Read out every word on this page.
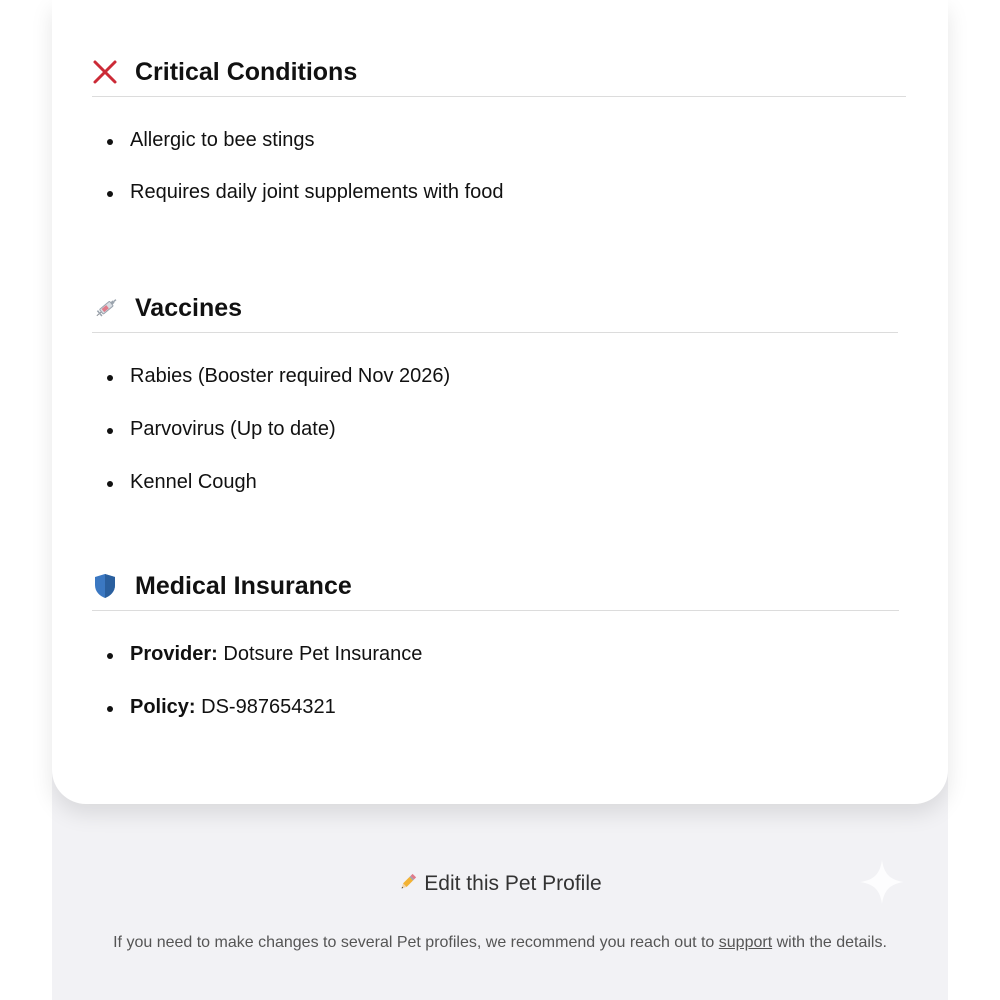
Critical Conditions
Allergic to bee stings
Requires daily joint supplements with food
Vaccines
Rabies (Booster required Nov 2026)
Parvovirus (Up to date)
Kennel Cough
Medical Insurance
Provider: Dotsure Pet Insurance
Policy: DS-987654321
Edit this Pet Profile
If you need to make changes to several Pet profiles, we recommend you reach out to support with the details.
